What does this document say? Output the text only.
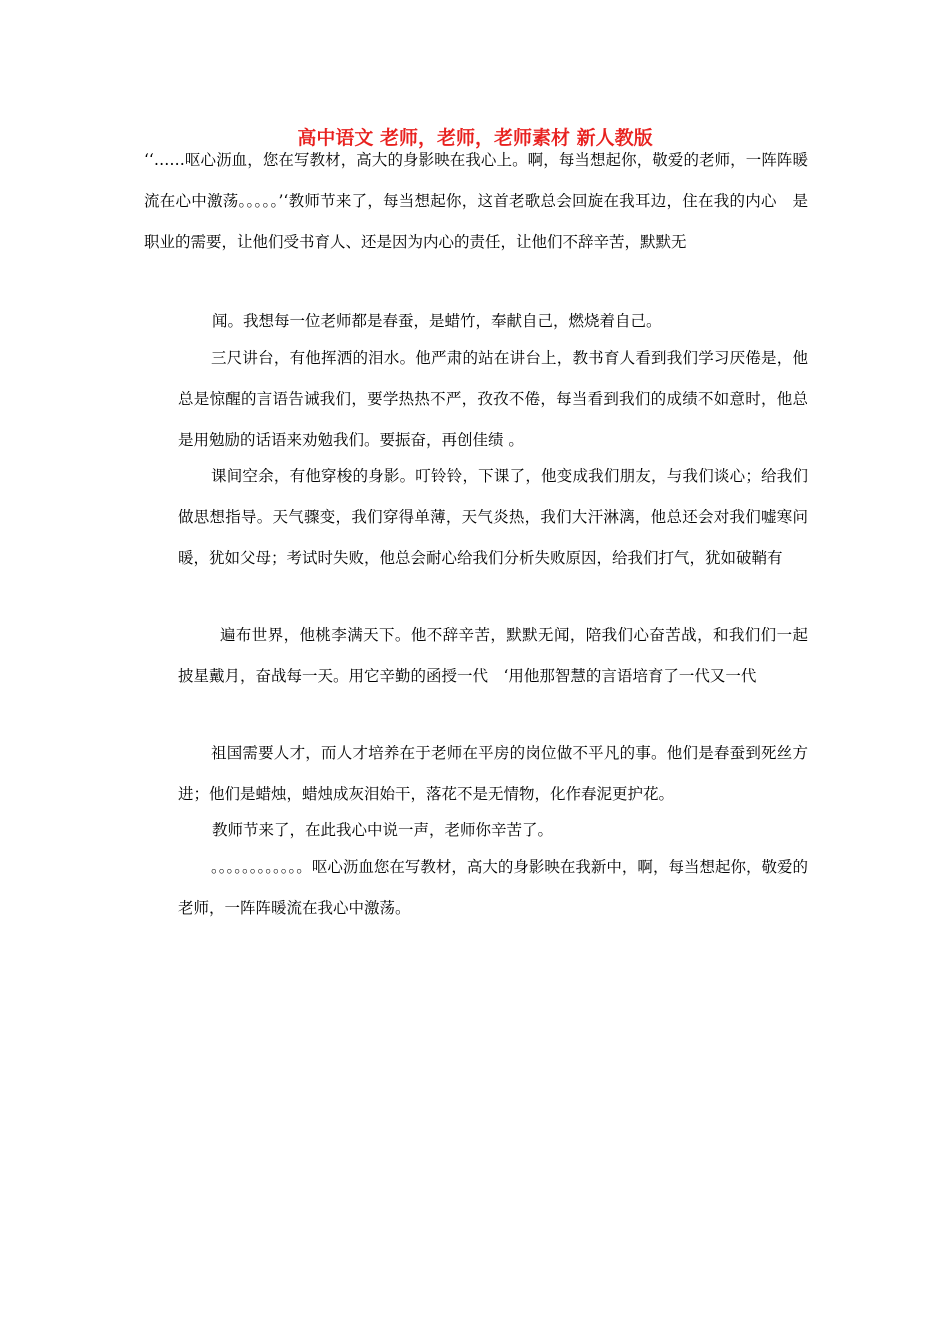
高中语文 老师，老师，老师素材 新人教版

‘‘……呕心沥血，您在写教材，高大的身影映在我心上。啊，每当想起你，敬爱的老师，一阵阵暖流在心中激荡。。。。。’‘教师节来了，每当想起你，这首老歌总会回旋在我耳边，住在我的内心　是职业的需要，让他们受书育人、还是因为内心的责任，让他们不辞辛苦，默默无

闻。我想每一位老师都是春蚕，是蜡竹，奉献自己，燃烧着自己。

三尺讲台，有他挥洒的泪水。他严肃的站在讲台上，教书育人看到我们学习厌倦是，他总是惊醒的言语告诫我们，要学热热不严，孜孜不倦，每当看到我们的成绩不如意时，他总是用勉励的话语来劝勉我们。要振奋，再创佳绩 。

课间空余，有他穿梭的身影。叮铃铃，下课了，他变成我们朋友，与我们谈心；给我们做思想指导。天气骤变，我们穿得单薄，天气炎热，我们大汗淋漓，他总还会对我们嘘寒问暖，犹如父母；考试时失败，他总会耐心给我们分析失败原因，给我们打气，犹如破鞘有

遍布世界，他桃李满天下。他不辞辛苦，默默无闻，陪我们心奋苦战，和我们们一起披星戴月，奋战每一天。用它辛勤的函授一代　‘用他那智慧的言语培育了一代又一代

祖国需要人才，而人才培养在于老师在平房的岗位做不平凡的事。他们是春蚕到死丝方进；他们是蜡烛，蜡烛成灰泪始干，落花不是无情物，化作春泥更护花。

教师节来了，在此我心中说一声，老师你辛苦了。

。。。。。。。。。。。。呕心沥血您在写教材，高大的身影映在我新中，啊，每当想起你，敬爱的老师，一阵阵暖流在我心中激荡。
